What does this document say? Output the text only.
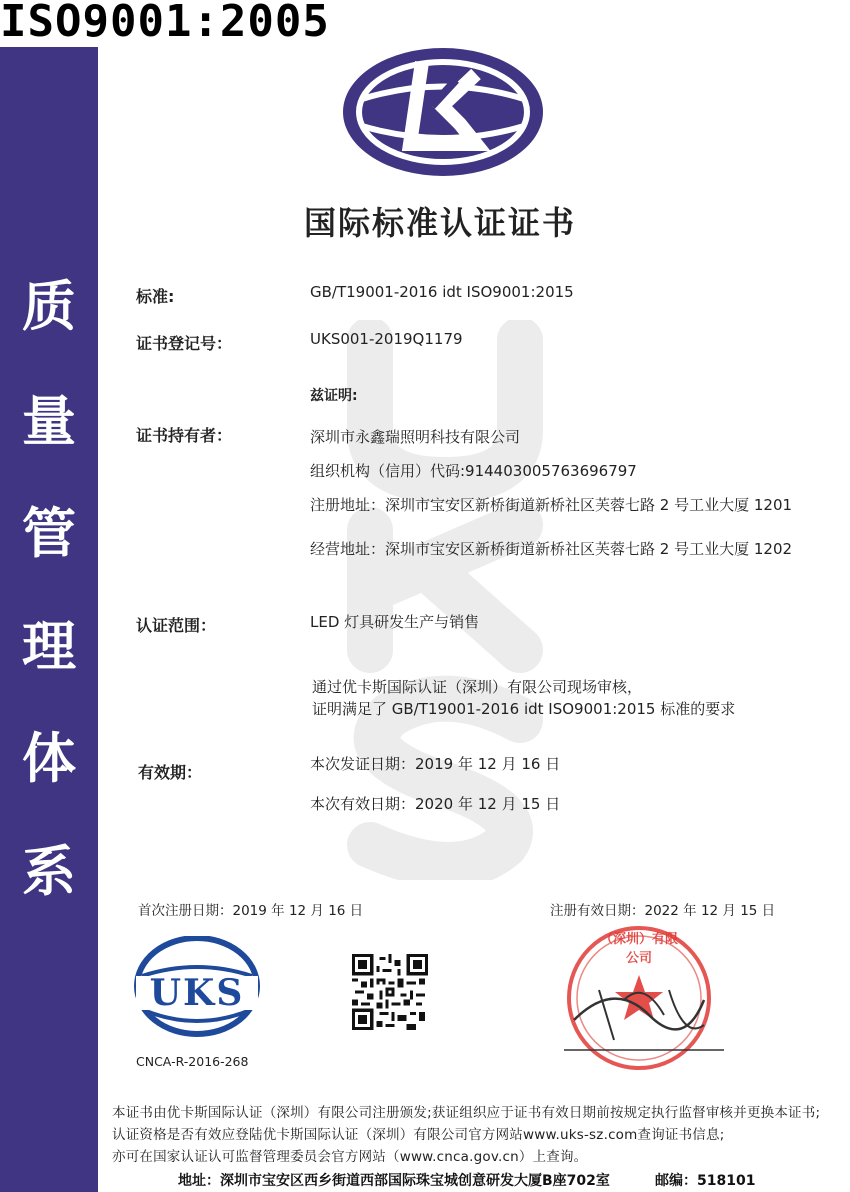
ISO9001:2005
质
量
管
理
体
系
国际标准认证证书
标准:	GB/T19001-2016 idt ISO9001:2015
证书登记号：	UKS001-2019Q1179
兹证明:
证书持有者：	深圳市永鑫瑞照明科技有限公司
组织机构（信用）代码:914403005763696797
注册地址：深圳市宝安区新桥街道新桥社区芙蓉七路 2 号工业大厦 1201
经营地址：深圳市宝安区新桥街道新桥社区芙蓉七路 2 号工业大厦 1202
认证范围：	LED 灯具研发生产与销售
通过优卡斯国际认证（深圳）有限公司现场审核，
证明满足了 GB/T19001-2016 idt ISO9001:2015 标准的要求
有效期：	本次发证日期：2019 年 12 月 16 日
本次有效日期：2020 年 12 月 15 日
首次注册日期：2019 年 12 月 16 日	注册有效日期：2022 年 12 月 15 日
UKS
CNCA-R-2016-268
（深圳）有限公司
本证书由优卡斯国际认证（深圳）有限公司注册颁发;获证组织应于证书有效日期前按规定执行监督审核并更换本证书;
认证资格是否有效应登陆优卡斯国际认证（深圳）有限公司官方网站www.uks-sz.com查询证书信息;
亦可在国家认证认可监督管理委员会官方网站（www.cnca.gov.cn）上查询。
地址：深圳市宝安区西乡街道西部国际珠宝城创意研发大厦B座702室	邮编：518101
